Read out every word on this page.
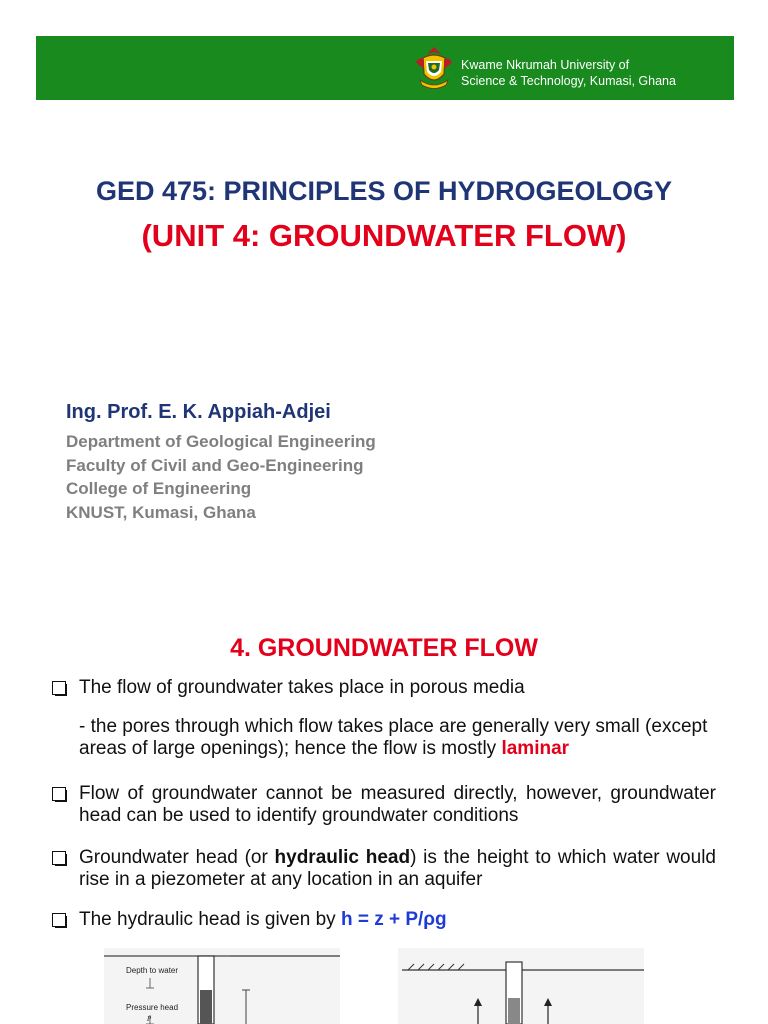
Kwame Nkrumah University of
Science & Technology, Kumasi, Ghana
GED 475: PRINCIPLES OF HYDROGEOLOGY
(UNIT 4: GROUNDWATER FLOW)
Ing. Prof. E. K. Appiah-Adjei
Department of Geological Engineering
Faculty of Civil and Geo-Engineering
College of Engineering
KNUST, Kumasi, Ghana
4. GROUNDWATER FLOW
The flow of groundwater takes place in porous media
- the pores through which flow takes place are generally very small (except areas of large openings); hence the flow is mostly laminar
Flow of groundwater cannot be measured directly, however, groundwater head can be used to identify groundwater conditions
Groundwater head (or hydraulic head) is the height to which water would rise in a piezometer at any location in an aquifer
The hydraulic head is given by h = z + P/ρg
Depth to water
Pressure head
P
